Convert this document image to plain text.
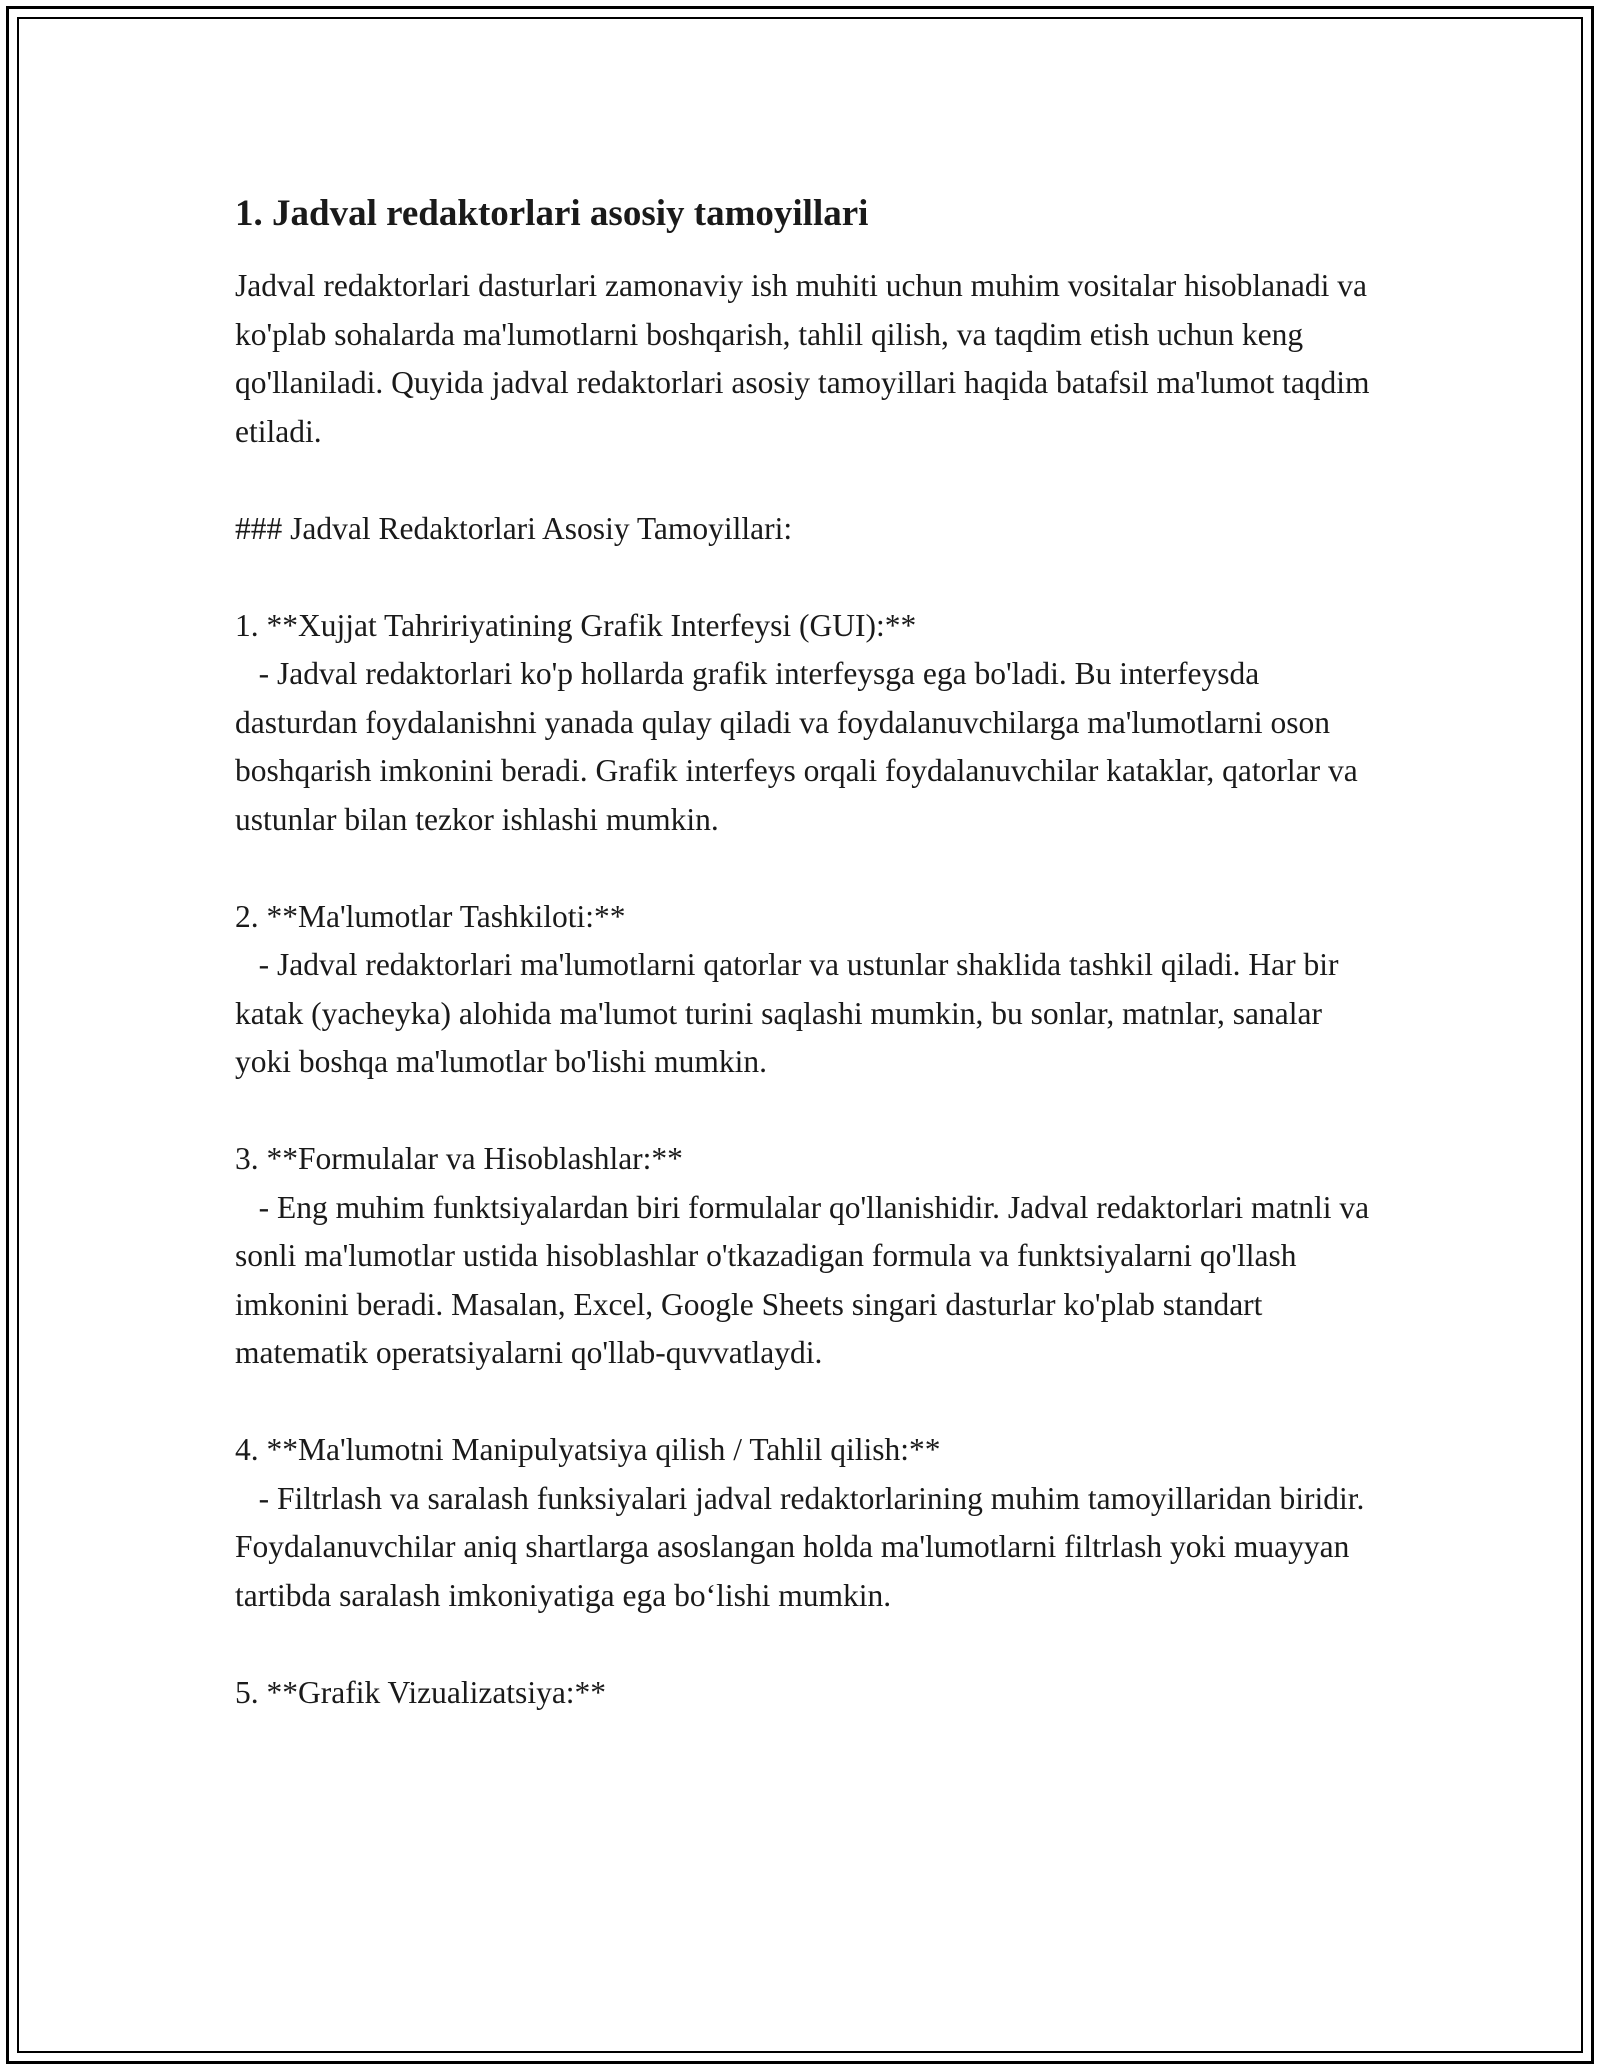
1. Jadval redaktorlari asosiy tamoyillari

Jadval redaktorlari dasturlari zamonaviy ish muhiti uchun muhim vositalar hisoblanadi va ko'plab sohalarda ma'lumotlarni boshqarish, tahlil qilish, va taqdim etish uchun keng qo'llaniladi. Quyida jadval redaktorlari asosiy tamoyillari haqida batafsil ma'lumot taqdim etiladi.

### Jadval Redaktorlari Asosiy Tamoyillari:

1. **Xujjat Tahririyatining Grafik Interfeysi (GUI):**

- Jadval redaktorlari ko'p hollarda grafik interfeysga ega bo'ladi. Bu interfeysda dasturdan foydalanishni yanada qulay qiladi va foydalanuvchilarga ma'lumotlarni oson boshqarish imkonini beradi. Grafik interfeys orqali foydalanuvchilar kataklar, qatorlar va ustunlar bilan tezkor ishlashi mumkin.

2. **Ma'lumotlar Tashkiloti:**

- Jadval redaktorlari ma'lumotlarni qatorlar va ustunlar shaklida tashkil qiladi. Har bir katak (yacheyka) alohida ma'lumot turini saqlashi mumkin, bu sonlar, matnlar, sanalar yoki boshqa ma'lumotlar bo'lishi mumkin.

3. **Formulalar va Hisoblashlar:**

- Eng muhim funktsiyalardan biri formulalar qo'llanishidir. Jadval redaktorlari matnli va sonli ma'lumotlar ustida hisoblashlar o'tkazadigan formula va funktsiyalarni qo'llash imkonini beradi. Masalan, Excel, Google Sheets singari dasturlar ko'plab standart matematik operatsiyalarni qo'llab-quvvatlaydi.

4. **Ma'lumotni Manipulyatsiya qilish / Tahlil qilish:**

- Filtrlash va saralash funksiyalari jadval redaktorlarining muhim tamoyillaridan biridir. Foydalanuvchilar aniq shartlarga asoslangan holda ma'lumotlarni filtrlash yoki muayyan tartibda saralash imkoniyatiga ega bo‘lishi mumkin.

5. **Grafik Vizualizatsiya:**
